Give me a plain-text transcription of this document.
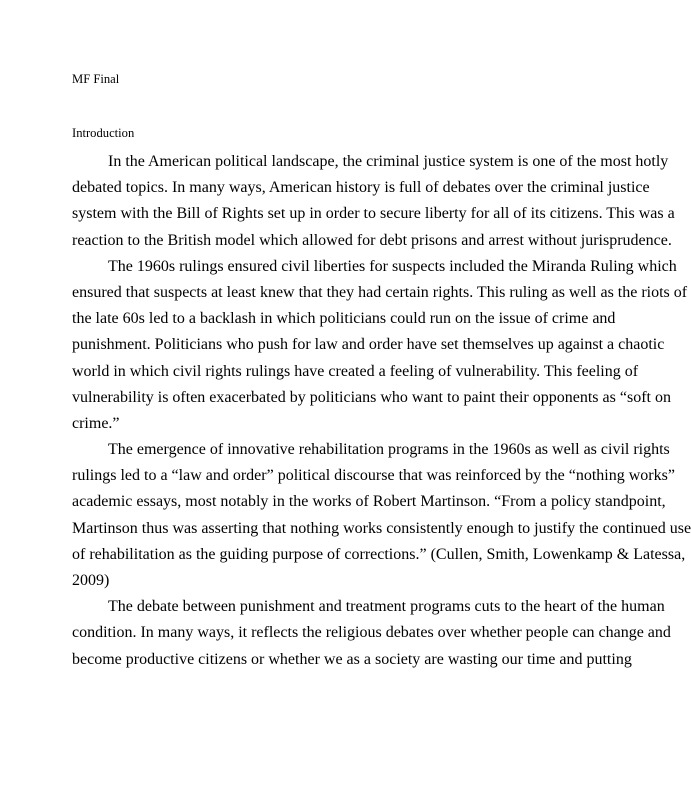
MF Final
Introduction
In the American political landscape, the criminal justice system is one of the most hotly
debated topics. In many ways, American history is full of debates over the criminal justice
system with the Bill of Rights set up in order to secure liberty for all of its citizens. This was a
reaction to the British model which allowed for debt prisons and arrest without jurisprudence.
The 1960s rulings ensured civil liberties for suspects included the Miranda Ruling which
ensured that suspects at least knew that they had certain rights. This ruling as well as the riots of
the late 60s led to a backlash in which politicians could run on the issue of crime and
punishment. Politicians who push for law and order have set themselves up against a chaotic
world in which civil rights rulings have created a feeling of vulnerability. This feeling of
vulnerability is often exacerbated by politicians who want to paint their opponents as “soft on
crime.”
The emergence of innovative rehabilitation programs in the 1960s as well as civil rights
rulings led to a “law and order” political discourse that was reinforced by the “nothing works”
academic essays, most notably in the works of Robert Martinson. “From a policy standpoint,
Martinson thus was asserting that nothing works consistently enough to justify the continued use
of rehabilitation as the guiding purpose of corrections.” (Cullen, Smith, Lowenkamp & Latessa,
2009)
The debate between punishment and treatment programs cuts to the heart of the human
condition. In many ways, it reflects the religious debates over whether people can change and
become productive citizens or whether we as a society are wasting our time and putting
